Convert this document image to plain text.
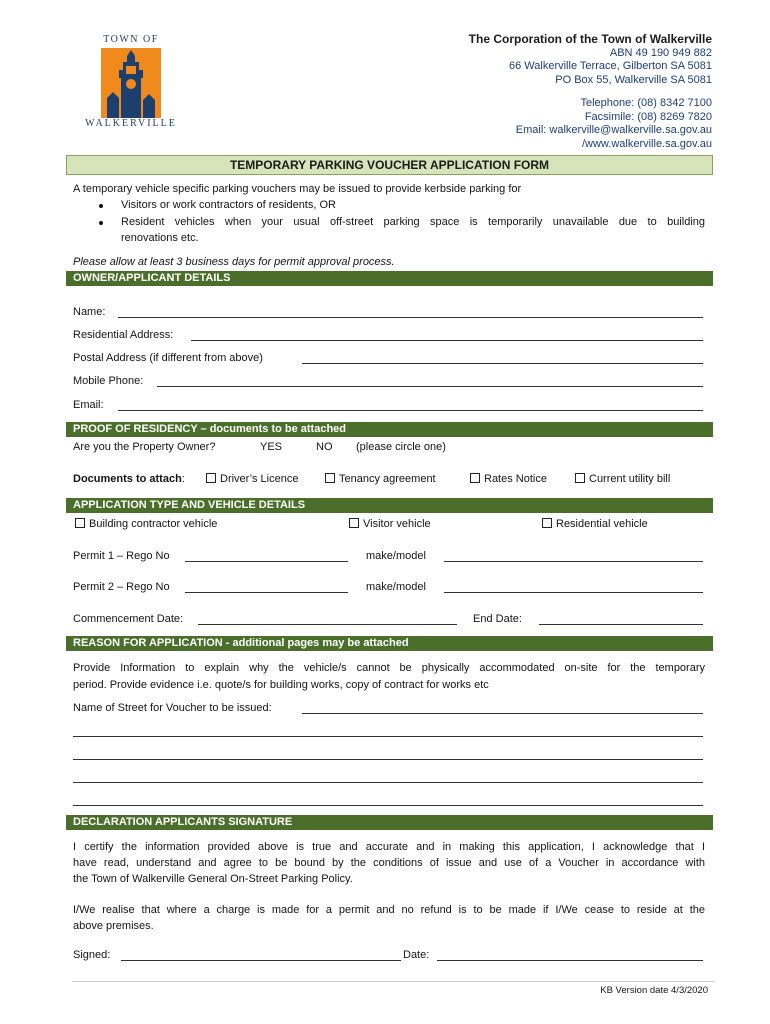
TOWN OF
WALKERVILLE
The Corporation of the Town of Walkerville
ABN 49 190 949 882
66 Walkerville Terrace, Gilberton SA 5081
PO Box 55, Walkerville SA 5081
Telephone: (08) 8342 7100
Facsimile: (08) 8269 7820
Email: walkerville@walkerville.sa.gov.au
/www.walkerville.sa.gov.au
TEMPORARY PARKING VOUCHER APPLICATION FORM
A temporary vehicle specific parking vouchers may be issued to provide kerbside parking for
Visitors or work contractors of residents, OR
Resident vehicles when your usual off-street parking space is temporarily unavailable due to building
renovations etc.
Please allow at least 3 business days for permit approval process.
OWNER/APPLICANT DETAILS
Name:
Residential Address:
Postal Address (if different from above)
Mobile Phone:
Email:
PROOF OF RESIDENCY – documents to be attached
Are you the Property Owner?	YES	NO (please circle one)
Documents to attach:	Driver’s Licence	Tenancy agreement	Rates Notice	Current utility bill
APPLICATION TYPE AND VEHICLE DETAILS
Building contractor vehicle	Visitor vehicle	Residential vehicle
Permit 1 – Rego No	make/model
Permit 2 – Rego No	make/model
Commencement Date:	End Date:
REASON FOR APPLICATION - additional pages may be attached
Provide Information to explain why the vehicle/s cannot be physically accommodated on-site for the temporary
period. Provide evidence i.e. quote/s for building works, copy of contract for works etc
Name of Street for Voucher to be issued:
DECLARATION APPLICANTS SIGNATURE
I certify the information provided above is true and accurate and in making this application, I acknowledge that I
have read, understand and agree to be bound by the conditions of issue and use of a Voucher in accordance with
the Town of Walkerville General On-Street Parking Policy.
I/We realise that where a charge is made for a permit and no refund is to be made if I/We cease to reside at the
above premises.
Signed:	Date:
KB Version date 4/3/2020
